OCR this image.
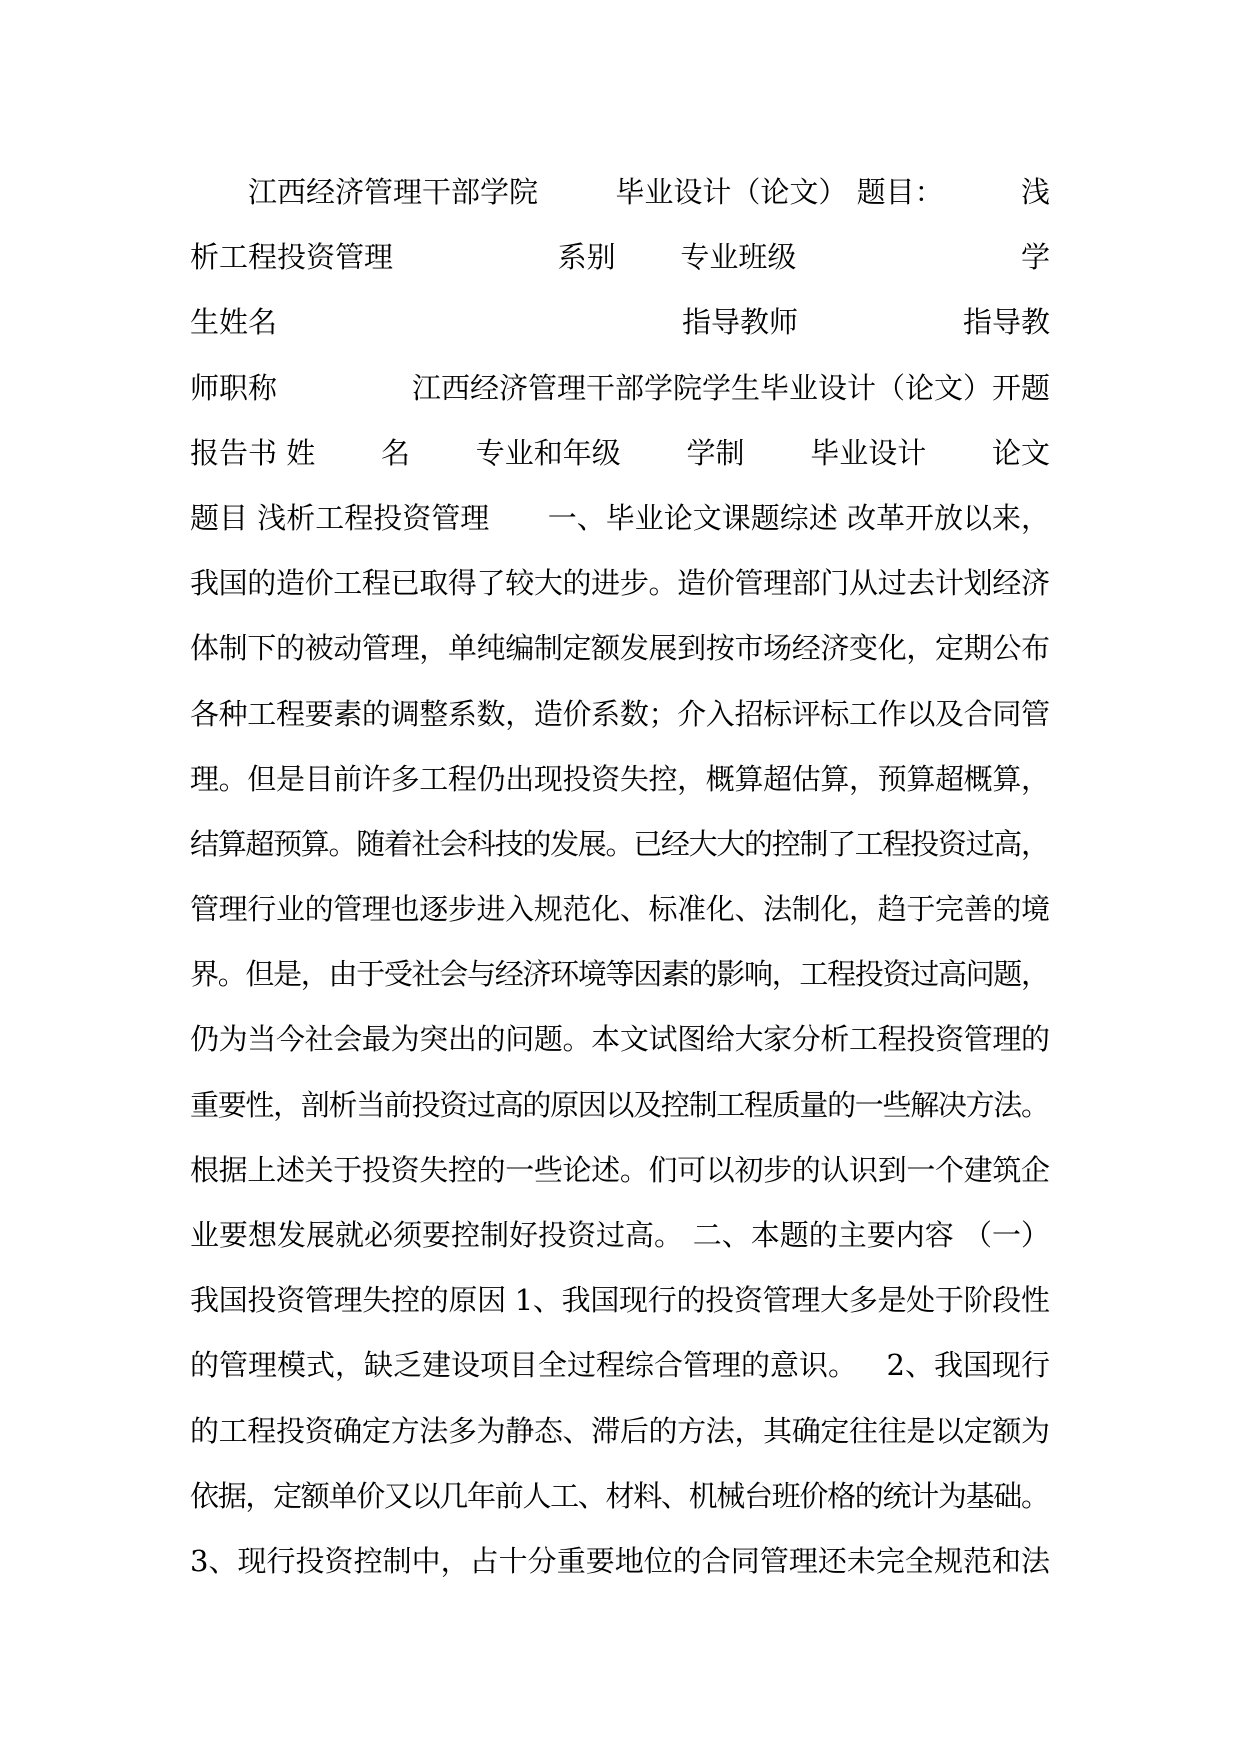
　　江西经济管理干部学院	毕业设计（论文） 题目：	浅
析工程投资管理	系别 专业班级	学
生姓名	指导教师	指导教
师职称	江西经济管理干部学院学生毕业设计（论文）开题
报告书 姓 名 专业和年级 学制 毕业设计 论文
题目 浅析工程投资管理 一、毕业论文课题综述 改革开放以来，
我国的造价工程已取得了较大的进步。造价管理部门从过去计划经济
体制下的被动管理，单纯编制定额发展到按市场经济变化，定期公布
各种工程要素的调整系数，造价系数；介入招标评标工作以及合同管
理。但是目前许多工程仍出现投资失控，概算超估算，预算超概算，
结算超预算。随着社会科技的发展。已经大大的控制了工程投资过高，
管理行业的管理也逐步进入规范化、标准化、法制化，趋于完善的境
界。但是，由于受社会与经济环境等因素的影响，工程投资过高问题，
仍为当今社会最为突出的问题。本文试图给大家分析工程投资管理的
重要性，剖析当前投资过高的原因以及控制工程质量的一些解决方法。
根据上述关于投资失控的一些论述。们可以初步的认识到一个建筑企
业要想发展就必须要控制好投资过高。 二、本题的主要内容 （一）
我国投资管理失控的原因 1、我国现行的投资管理大多是处于阶段性
的管理模式，缺乏建设项目全过程综合管理的意识。 2、我国现行
的工程投资确定方法多为静态、滞后的方法，其确定往往是以定额为
依据，定额单价又以几年前人工、材料、机械台班价格的统计为基础。
3、现行投资控制中，占十分重要地位的合同管理还未完全规范和法
